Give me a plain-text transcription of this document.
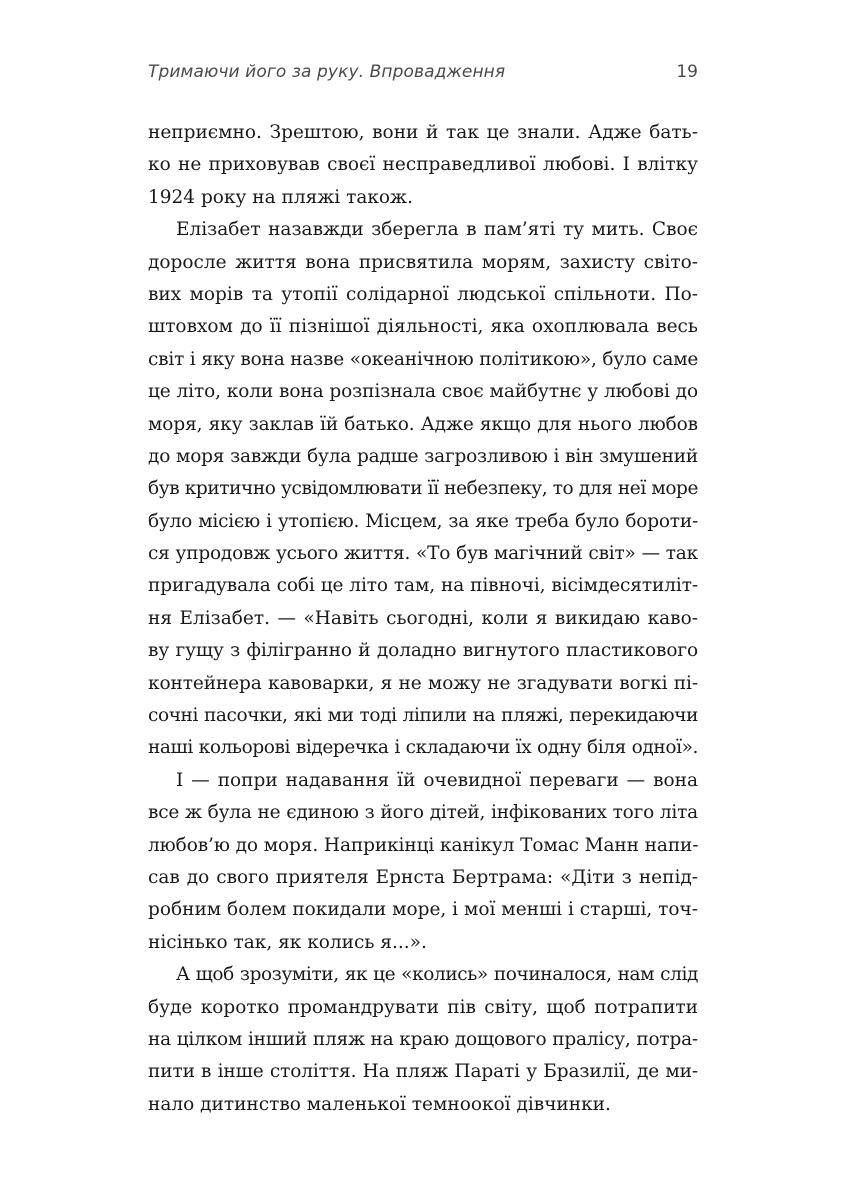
Тримаючи його за руку. Впровадження	19
неприємно. Зрештою, вони й так це знали. Адже бать-
ко не приховував своєї несправедливої любові. І влітку
1924 року на пляжі також.
Елізабет назавжди зберегла в пам’яті ту мить. Своє
доросле життя вона присвятила морям, захисту світо-
вих морів та утопії солідарної людської спільноти. По-
штовхом до її пізнішої діяльності, яка охоплювала весь
світ і яку вона назве «океанічною політикою», було саме
це літо, коли вона розпізнала своє майбутнє у любові до
моря, яку заклав їй батько. Адже якщо для нього любов
до моря завжди була радше загрозливою і він змушений
був критично усвідомлювати її небезпеку, то для неї море
було місією і утопією. Місцем, за яке треба було бороти-
ся упродовж усього життя. «То був магічний світ» — так
пригадувала собі це літо там, на півночі, вісімдесятиліт-
ня Елізабет. — «Навіть сьогодні, коли я викидаю каво-
ву гущу з філігранно й доладно вигнутого пластикового
контейнера кавоварки, я не можу не згадувати вогкі пі-
сочні пасочки, які ми тоді ліпили на пляжі, перекидаючи
наші кольорові відеречка і складаючи їх одну біля одної».
І — попри надавання їй очевидної переваги — вона
все ж була не єдиною з його дітей, інфікованих того літа
любов’ю до моря. Наприкінці канікул Томас Манн напи-
сав до свого приятеля Ернста Бертрама: «Діти з непід-
робним болем покидали море, і мої менші і старші, точ-
нісінько так, як колись я...».
А щоб зрозуміти, як це «колись» починалося, нам слід
буде коротко промандрувати пів світу, щоб потрапити
на цілком інший пляж на краю дощового пралісу, потра-
пити в інше століття. На пляж Параті у Бразилії, де ми-
нало дитинство маленької темноокої дівчинки.
